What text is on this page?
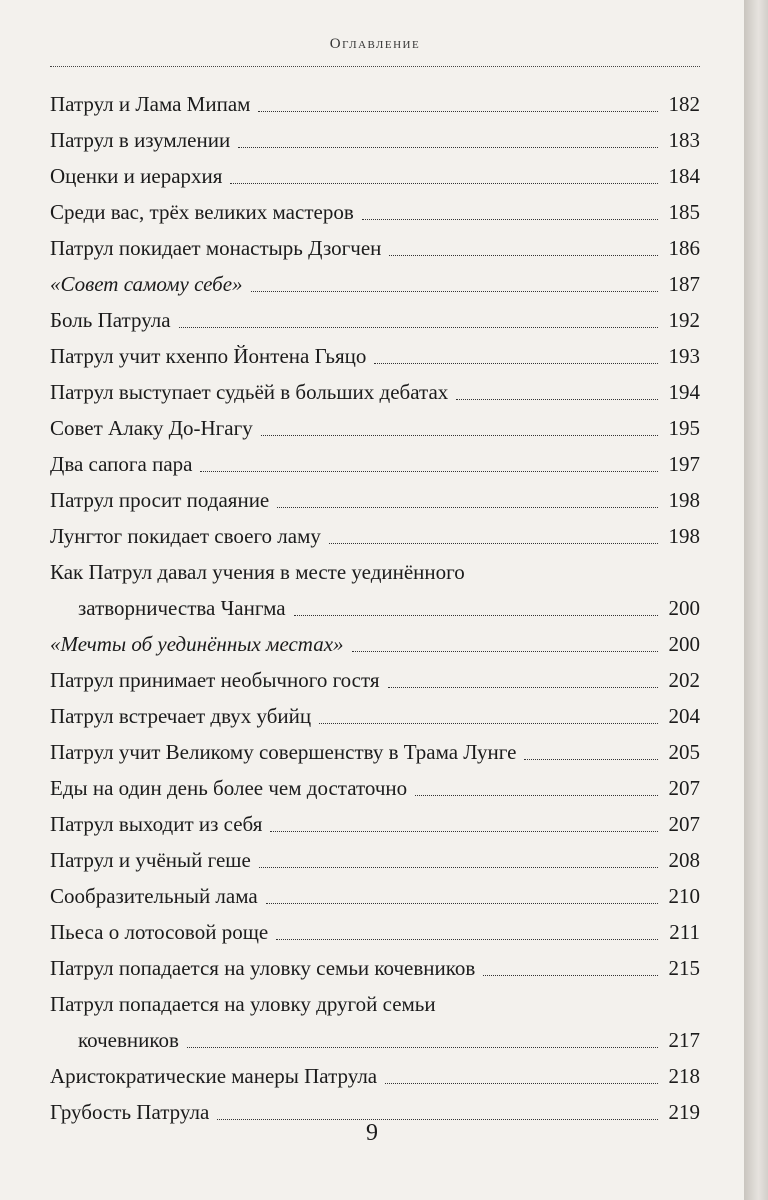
Оглавление
Патрул и Лама Мипам	182
Патрул в изумлении	183
Оценки и иерархия	184
Среди вас, трёх великих мастеров	185
Патрул покидает монастырь Дзогчен	186
«Совет самому себе»	187
Боль Патрула	192
Патрул учит кхенпо Йонтена Гьяцо	193
Патрул выступает судьёй в больших дебатах	194
Совет Алаку До-Нгагу	195
Два сапога пара	197
Патрул просит подаяние	198
Лунгтог покидает своего ламу	198
Как Патрул давал учения в месте уединённого
затворничества Чангма	200
«Мечты об уединённых местах»	200
Патрул принимает необычного гостя	202
Патрул встречает двух убийц	204
Патрул учит Великому совершенству в Трама Лунге	205
Еды на один день более чем достаточно	207
Патрул выходит из себя	207
Патрул и учёный геше	208
Сообразительный лама	210
Пьеса о лотосовой роще	211
Патрул попадается на уловку семьи кочевников	215
Патрул попадается на уловку другой семьи
кочевников	217
Аристократические манеры Патрула	218
Грубость Патрула	219
9
